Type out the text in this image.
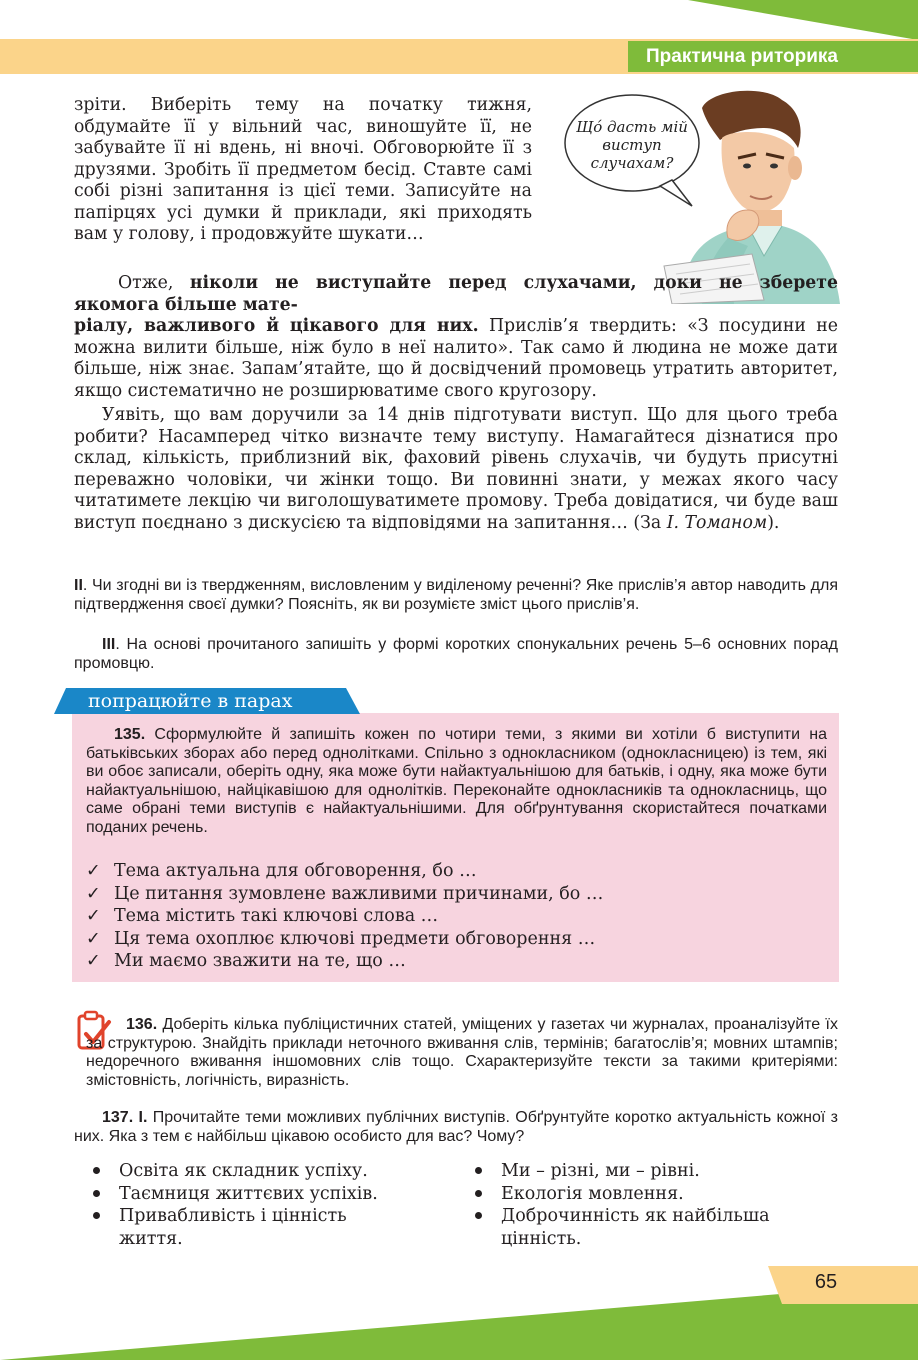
Практична риторика
Щó дасть мій виступ случахам?

зріти. Виберіть тему на початку тижня, обдумайте її у вільний час, виношуйте її, не забувайте її ні вдень, ні вночі. Обговорюйте її з друзями. Зробіть її предметом бесід. Ставте самі собі різні запитання із цієї теми. Записуйте на папірцях усі думки й приклади, які приходять вам у голову, і продовжуйте шукати…

Отже, ніколи не виступайте перед слухачами, доки не зберете якомога більше мате-

ріалу, важливого й цікавого для них. Прислів’я твердить: «З посудини не можна вилити більше, ніж було в неї налито». Так само й людина не може дати більше, ніж знає. Запам’ятайте, що й досвідчений промовець утратить авторитет, якщо систематично не розширюватиме свого кругозору.

Уявіть, що вам доручили за 14 днів підготувати виступ. Що для цього треба робити? Насамперед чітко визначте тему виступу. Намагайтеся дізнатися про склад, кількість, приблизний вік, фаховий рівень слухачів, чи будуть присутні переважно чоловіки, чи жінки тощо. Ви повинні знати, у межах якого часу читатимете лекцію чи виголошуватимете промову. Треба довідатися, чи буде ваш виступ поєднано з дискусією та відповідями на запитання… (За І. Томаном).

II. Чи згодні ви із твердженням, висловленим у виділеному реченні? Яке прислів’я автор наводить для підтвердження своєї думки? Поясніть, як ви розумієте зміст цього прислів’я.

III. На основі прочитаного запишіть у формі коротких спонукальних речень 5–6 основних порад промовцю.

попрацюйте в парах

135. Сформулюйте й запишіть кожен по чотири теми, з якими ви хотіли б виступити на батьківських зборах або перед однолітками. Спільно з однокласником (однокласницею) із тем, які ви обоє записали, оберіть одну, яка може бути найактуальнішою для батьків, і одну, яка може бути найактуальнішою, найцікавішою для однолітків. Переконайте однокласників та однокласниць, що саме обрані теми виступів є найактуальнішими. Для обґрунтування скористайтеся початками поданих речень.

✓ Тема актуальна для обговорення, бо …
✓ Це питання зумовлене важливими причинами, бо …
✓ Тема містить такі ключові слова …
✓ Ця тема охоплює ключові предмети обговорення …
✓ Ми маємо зважити на те, що …

136. Доберіть кілька публіцистичних статей, уміщених у газетах чи журналах, проаналізуйте їх за структурою. Знайдіть приклади неточного вживання слів, термінів; багатослів’я; мовних штампів; недоречного вживання іншомовних слів тощо. Схарактеризуйте тексти за такими критеріями: змістовність, логічність, виразність.

137. І. Прочитайте теми можливих публічних виступів. Обґрунтуйте коротко актуальність кожної з них. Яка з тем є найбільш цікавою особисто для вас? Чому?

Освіта як складник успіху.
Таємниця життєвих успіхів.
Привабливість і цінність життя.
Ми – різні, ми – рівні.
Екологія мовлення.
Доброчинність як найбільша цінність.
65
